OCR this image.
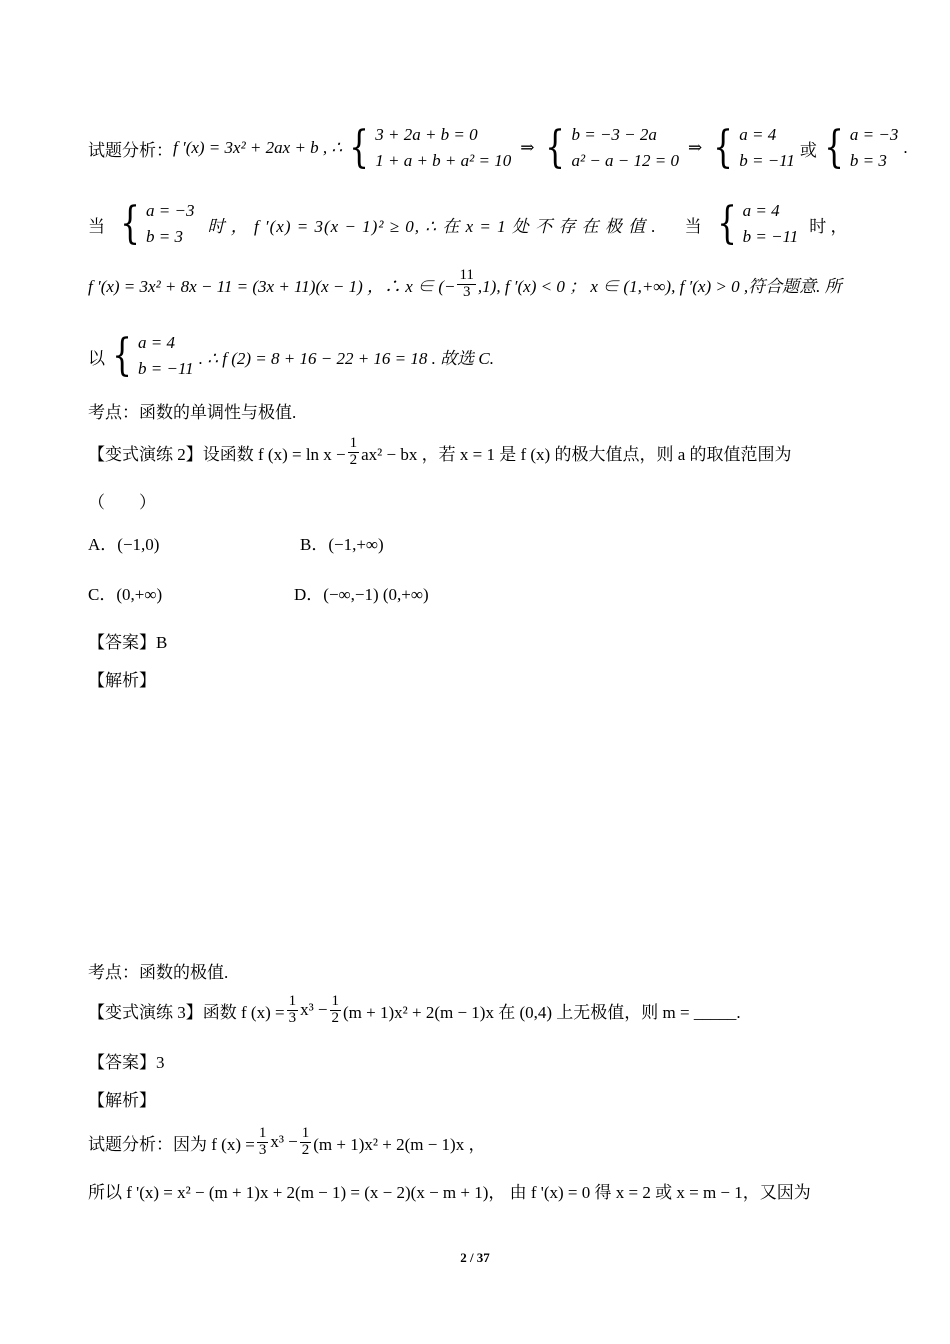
试题分析： f ′(x) = 3x² + 2ax + b , ∴ { 3 + 2a + b = 0
1 + a + b + a² = 10
⇒ { b = −3 − 2a
a² − a − 12 = 0
⇒ { a = 4
b = −11
或 { a = −3
b = 3
.
当 { a = −3
b = 3
时 ， f ′(x) = 3(x − 1)² ≥ 0, ∴ 在 x = 1 处 不 存 在 极 值 . 当 { a = 4
b = −11
时 ，
f ′(x) = 3x² + 8x − 11 = (3x + 11)(x − 1) ，∴ x ∈ (− $\frac{11}{3} ,1$), f ′(x) < 0 ； x ∈ (1,+∞), f ′(x) > 0 ,符合题意. 所
以 { a = 4
b = −11
. ∴ f (2) = 8 + 16 − 22 + 16 = 18 . 故选 C.
考点：函数的单调性与极值.
【变式演练 2】设函数 f $(x) = \ln x - \frac{1}{2} ax^2$ − bx ，若 x = 1 是 f (x) 的极大值点，则 a 的取值范围为
（　　）
A．(−1,0)	B．(−1,+∞)
C．(0,+∞)	D．(−∞,−1) (0,+∞)
【答案】B
【解析】
考点：函数的极值.
【变式演练 3】函数 f $(x) = \frac{1}{3} x^3 - \frac{1}{2} (m + 1)x^2 + 2(m - 1)x$ 在 (0,4) 上无极值，则 m = _____.
【答案】3
【解析】
试题分析：因为 f $(x) = \frac{1}{3} x^3 - \frac{1}{2} (m + 1)x^2 + 2(m - 1)x$ ，
所以 f '(x) = x² − (m + 1)x + 2(m − 1) = (x − 2)(x − m + 1)， 由 f '(x) = 0 得 x = 2 或 x = m − 1，又因为
2 / 37
